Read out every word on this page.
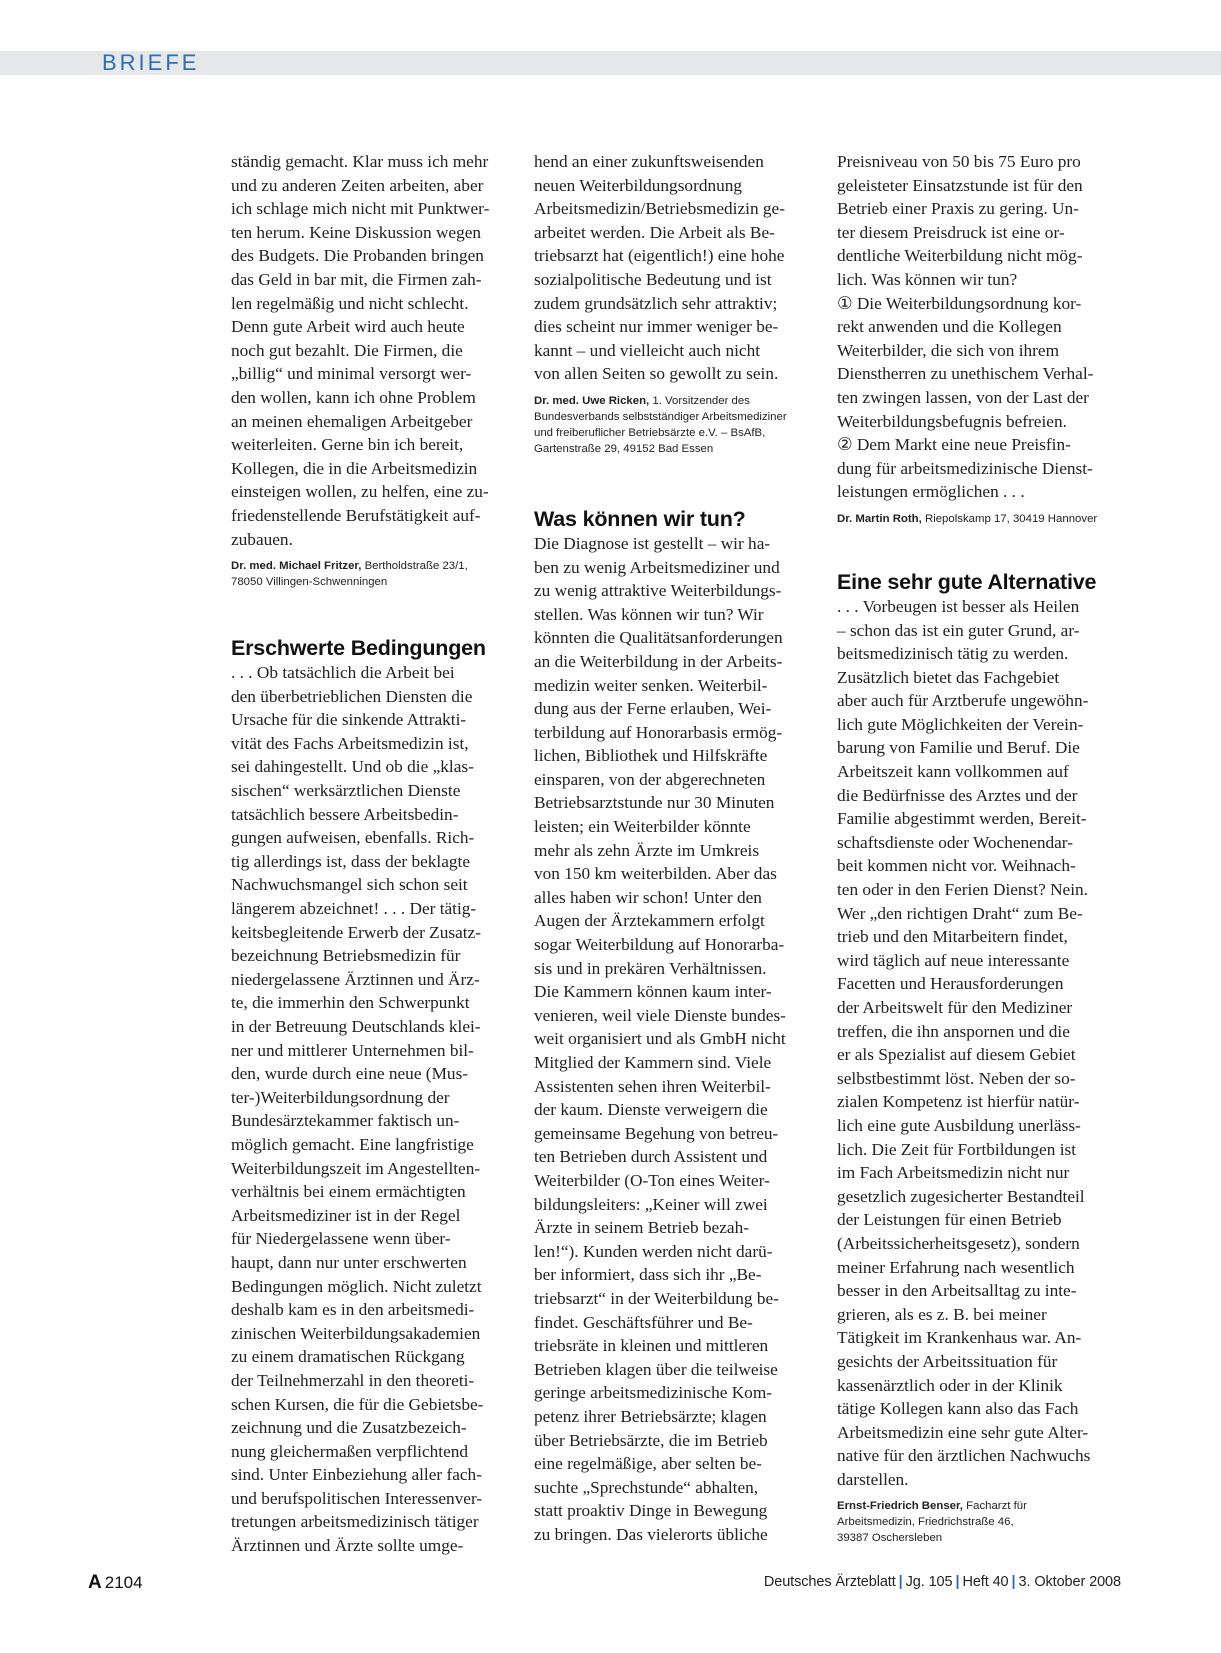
BRIEFE

ständig gemacht. Klar muss ich mehr
und zu anderen Zeiten arbeiten, aber
ich schlage mich nicht mit Punktwer-
ten herum. Keine Diskussion wegen
des Budgets. Die Probanden bringen
das Geld in bar mit, die Firmen zah-
len regelmäßig und nicht schlecht.
Denn gute Arbeit wird auch heute
noch gut bezahlt. Die Firmen, die
„billig“ und minimal versorgt wer-
den wollen, kann ich ohne Problem
an meinen ehemaligen Arbeitgeber
weiterleiten. Gerne bin ich bereit,
Kollegen, die in die Arbeitsmedizin
einsteigen wollen, zu helfen, eine zu-
friedenstellende Berufstätigkeit auf-
zubauen.

Dr. med. Michael Fritzer, Bertholdstraße 23/1,
78050 Villingen-Schwenningen
Erschwerte Bedingungen

. . . Ob tatsächlich die Arbeit bei
den überbetrieblichen Diensten die
Ursache für die sinkende Attrakti-
vität des Fachs Arbeitsmedizin ist,
sei dahingestellt. Und ob die „klas-
sischen“ werksärztlichen Dienste
tatsächlich bessere Arbeitsbedin-
gungen aufweisen, ebenfalls. Rich-
tig allerdings ist, dass der beklagte
Nachwuchsmangel sich schon seit
längerem abzeichnet! . . . Der tätig-
keitsbegleitende Erwerb der Zusatz-
bezeichnung Betriebsmedizin für
niedergelassene Ärztinnen und Ärz-
te, die immerhin den Schwerpunkt
in der Betreuung Deutschlands klei-
ner und mittlerer Unternehmen bil-
den, wurde durch eine neue (Mus-
ter-)Weiterbildungsordnung der
Bundesärztekammer faktisch un-
möglich gemacht. Eine langfristige
Weiterbildungszeit im Angestellten-
verhältnis bei einem ermächtigten
Arbeitsmediziner ist in der Regel
für Niedergelassene wenn über-
haupt, dann nur unter erschwerten
Bedingungen möglich. Nicht zuletzt
deshalb kam es in den arbeitsmedi-
zinischen Weiterbildungsakademien
zu einem dramatischen Rückgang
der Teilnehmerzahl in den theoreti-
schen Kursen, die für die Gebietsbe-
zeichnung und die Zusatzbezeich-
nung gleichermaßen verpflichtend
sind. Unter Einbeziehung aller fach-
und berufspolitischen Interessenver-
tretungen arbeitsmedizinisch tätiger
Ärztinnen und Ärzte sollte umge-

hend an einer zukunftsweisenden
neuen Weiterbildungsordnung
Arbeitsmedizin/Betriebsmedizin ge-
arbeitet werden. Die Arbeit als Be-
triebsarzt hat (eigentlich!) eine hohe
sozialpolitische Bedeutung und ist
zudem grundsätzlich sehr attraktiv;
dies scheint nur immer weniger be-
kannt – und vielleicht auch nicht
von allen Seiten so gewollt zu sein.

Dr. med. Uwe Ricken, 1. Vorsitzender des
Bundesverbands selbstständiger Arbeitsmediziner
und freiberuflicher Betriebsärzte e.V. – BsAfB,
Gartenstraße 29, 49152 Bad Essen
Was können wir tun?

Die Diagnose ist gestellt – wir ha-
ben zu wenig Arbeitsmediziner und
zu wenig attraktive Weiterbildungs-
stellen. Was können wir tun? Wir
könnten die Qualitätsanforderungen
an die Weiterbildung in der Arbeits-
medizin weiter senken. Weiterbil-
dung aus der Ferne erlauben, Wei-
terbildung auf Honorarbasis ermög-
lichen, Bibliothek und Hilfskräfte
einsparen, von der abgerechneten
Betriebsarztstunde nur 30 Minuten
leisten; ein Weiterbilder könnte
mehr als zehn Ärzte im Umkreis
von 150 km weiterbilden. Aber das
alles haben wir schon! Unter den
Augen der Ärztekammern erfolgt
sogar Weiterbildung auf Honorarba-
sis und in prekären Verhältnissen.
Die Kammern können kaum inter-
venieren, weil viele Dienste bundes-
weit organisiert und als GmbH nicht
Mitglied der Kammern sind. Viele
Assistenten sehen ihren Weiterbil-
der kaum. Dienste verweigern die
gemeinsame Begehung von betreu-
ten Betrieben durch Assistent und
Weiterbilder (O-Ton eines Weiter-
bildungsleiters: „Keiner will zwei
Ärzte in seinem Betrieb bezah-
len!“). Kunden werden nicht darü-
ber informiert, dass sich ihr „Be-
triebsarzt“ in der Weiterbildung be-
findet. Geschäftsführer und Be-
triebsräte in kleinen und mittleren
Betrieben klagen über die teilweise
geringe arbeitsmedizinische Kom-
petenz ihrer Betriebsärzte; klagen
über Betriebsärzte, die im Betrieb
eine regelmäßige, aber selten be-
suchte „Sprechstunde“ abhalten,
statt proaktiv Dinge in Bewegung
zu bringen. Das vielerorts übliche

Preisniveau von 50 bis 75 Euro pro
geleisteter Einsatzstunde ist für den
Betrieb einer Praxis zu gering. Un-
ter diesem Preisdruck ist eine or-
dentliche Weiterbildung nicht mög-
lich. Was können wir tun?
① Die Weiterbildungsordnung kor-
rekt anwenden und die Kollegen
Weiterbilder, die sich von ihrem
Dienstherren zu unethischem Verhal-
ten zwingen lassen, von der Last der
Weiterbildungsbefugnis befreien.
② Dem Markt eine neue Preisfin-
dung für arbeitsmedizinische Dienst-
leistungen ermöglichen . . .

Dr. Martin Roth, Riepolskamp 17, 30419 Hannover
Eine sehr gute Alternative

. . . Vorbeugen ist besser als Heilen
– schon das ist ein guter Grund, ar-
beitsmedizinisch tätig zu werden.
Zusätzlich bietet das Fachgebiet
aber auch für Arztberufe ungewöhn-
lich gute Möglichkeiten der Verein-
barung von Familie und Beruf. Die
Arbeitszeit kann vollkommen auf
die Bedürfnisse des Arztes und der
Familie abgestimmt werden, Bereit-
schaftsdienste oder Wochenendar-
beit kommen nicht vor. Weihnach-
ten oder in den Ferien Dienst? Nein.
Wer „den richtigen Draht“ zum Be-
trieb und den Mitarbeitern findet,
wird täglich auf neue interessante
Facetten und Herausforderungen
der Arbeitswelt für den Mediziner
treffen, die ihn anspornen und die
er als Spezialist auf diesem Gebiet
selbstbestimmt löst. Neben der so-
zialen Kompetenz ist hierfür natür-
lich eine gute Ausbildung unerläss-
lich. Die Zeit für Fortbildungen ist
im Fach Arbeitsmedizin nicht nur
gesetzlich zugesicherter Bestandteil
der Leistungen für einen Betrieb
(Arbeitssicherheitsgesetz), sondern
meiner Erfahrung nach wesentlich
besser in den Arbeitsalltag zu inte-
grieren, als es z. B. bei meiner
Tätigkeit im Krankenhaus war. An-
gesichts der Arbeitssituation für
kassenärztlich oder in der Klinik
tätige Kollegen kann also das Fach
Arbeitsmedizin eine sehr gute Alter-
native für den ärztlichen Nachwuchs
darstellen.

Ernst-Friedrich Benser, Facharzt für
Arbeitsmedizin, Friedrichstraße 46,
39387 Oschersleben
A 2104	Deutsches Ärzteblatt | Jg. 105 | Heft 40 | 3. Oktober 2008
